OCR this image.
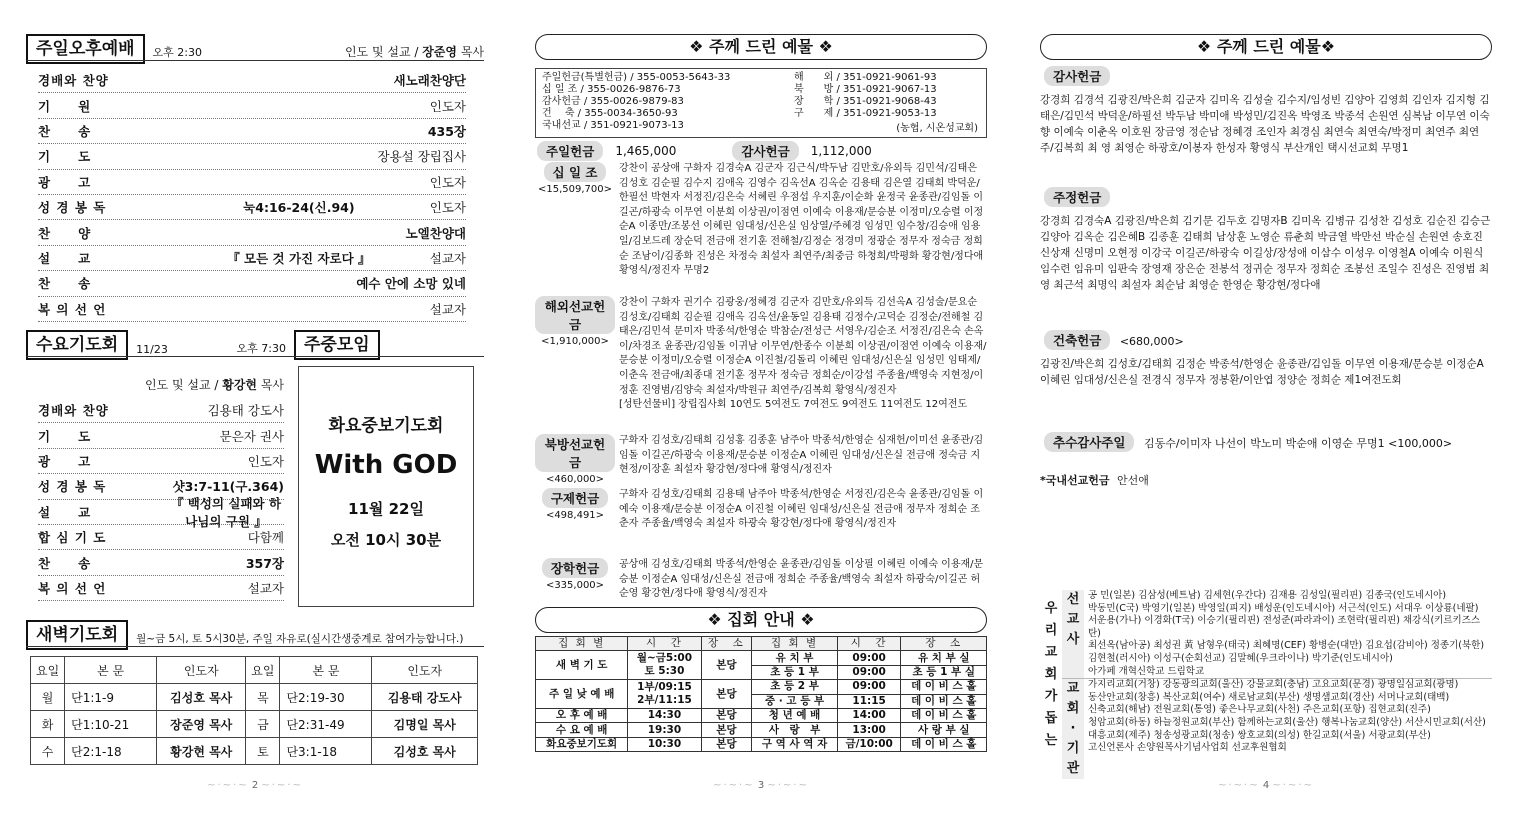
주일오후예배	오후 2:30	인도 및 설교 / 장준영 목사
경배와 찬양	새노래찬양단
기　　원	인도자
찬　　송	435장
기　　도	장용설 장립집사
광　　고	인도자
성 경 봉 독	눅4:16-24(신.94)	인도자
찬　　양	노엘찬양대
설　　교	『 모든 것 가진 자로다 』	설교자
찬　　송	예수 안에 소망 있네
복 의 선 언	설교자
수요기도회	11/23	오후 7:30	주중모임
인도 및 설교 / 황강현 목사
경배와 찬양	김용태 강도사
기　　도	문은자 권사
광　　고	인도자
성 경 봉 독	샷3:7-11(구.364)
설　　교
『 백성의 실패와 하나님의 구원 』
합 심 기 도	다함께
찬　　송	357장
복 의 선 언	설교자
화요중보기도회
With GOD
11월 22일
오전 10시 30분
새벽기도회	월~금 5시, 토 5시30분, 주일 자유로(실시간생중계로 참여가능합니다.)
요일	본 문	인도자	요일	본 문	인도자
월	단1:1-9	김성호 목사	목	단2:19-30	김용태 강도사
화	단1:10-21	장준영 목사	금	단2:31-49	김명일 목사
수	단2:1-18	황강현 목사	토	단3:1-18	김성호 목사
~·~·~ 2 ~·~·~
❖ 주께 드린 예물 ❖
주일헌금(특별헌금) / 355-0053-5643-33
십 일 조 / 355-0026-9876-73
감사헌금 / 355-0026-9879-83
건　 축 / 355-0034-3650-93
국내선교 / 351-0921-9073-13
해　　외 / 351-0921-9061-93
북　　방 / 351-0921-9067-13
장　　학 / 351-0921-9068-43
구　　제 / 351-0921-9053-13
(농협, 시온성교회)
주일헌금	1,465,000	감사헌금	1,112,000
십 일 조
<15,509,700>
강찬이 공상애 구화자 김경숙A 김군자 김근식/박두남 김만호/유외득 김민석/김태은 김성호 김순필 김수지 김애옥 김영수 김옥선A 김옥순 김용태 김은열 김태희 박덕운/한필선 박현자 서정진/김은숙 서혜린 우점섭 우지훈/이순화 윤정국 윤종관/김임돌 이길곤/하광숙 이무연 이분희 이상권/이점연 이예숙 이용재/문승분 이정미/오승렬 이정순A 이종만/조봉선 이혜린 임대성/신은실 임상열/주혜경 임성민 임수창/김승애 임용일/김보드레 장순덕 전금애 전기훈 전해철/김정순 정경미 정광순 정무자 정숙금 정희순 조남이/김종화 진성은 차정숙 최설자 최연주/최중금 하청희/박평화 황강현/정다애 황영식/정진자 무명2
해외선교헌금
<1,910,000>
강찬이 구화자 권기수 김광웅/정혜경 김군자 김만호/유외득 김선옥A 김성술/문요순 김성호/김태희 김순필 김애옥 김옥선/윤동일 김용태 김정수/고덕순 김정순/전해철 김태은/김민석 문미자 박종석/한영순 박참순/전성근 서영우/김순조 서정진/김은숙 손옥이/차경조 윤종관/김임돌 이귀남 이무연/한종수 이분희 이상권/이점연 이예숙 이용재/문승분 이정미/오승렬 이정순A 이진철/김돌리 이혜린 임대성/신은실 임성민 임태제/이춘옥 전금애/최종대 전기훈 정무자 정숙금 정희순/이강섭 주종율/백영숙 지현정/이정훈 진영범/김양숙 최설자/박원규 최연주/김복희 황영식/정진자
[성탄선물비] 장립집사회 10연도 5여전도 7여전도 9여전도 11여전도 12여전도
북방선교헌금
<460,000>
구화자 김성호/김태희 김성홍 김종훈 남주아 박종석/한영순 심재헌/이미선 윤종관/김임돌 이길곤/하광숙 이용재/문승분 이정순A 이혜린 임대성/신은실 전금애 정숙금 지현정/이장훈 최설자 황강현/정다애 황영식/정진자
구제헌금
<498,491>
구화자 김성호/김태희 김용태 남주아 박종석/한영순 서정진/김은숙 윤종관/김임돌 이예숙 이용재/문승분 이정순A 이진철 이혜린 임대성/신은실 전금애 정무자 정희순 조춘자 주종율/백영숙 최설자 하광숙 황강현/정다애 황영식/정진자
장학헌금
<335,000>
공상애 김성호/김태희 박종석/한영순 윤종관/김임돌 이상필 이혜린 이예숙 이용재/문승분 이정순A 임대성/신은실 전금애 정희순 주종율/백영숙 최설자 하광숙/이길곤 허순영 황강현/정다애 황영식/정진자
❖ 집회 안내 ❖
집 회 별	시　간	장　소	집 회 별	시　간	장　소
새 벽 기 도	월~금5:00
토 5:30	본당	유 치 부	09:00	유 치 부 실
			초 등 1 부	09:00	초 등 1 부 실
주 일 낮 예 배	1부/09:15
2부/11:15	본당	초 등 2 부	09:00	데 이 비 스 홀
			중 · 고 등 부	11:15	데 이 비 스 홀
오 후 예 배	14:30	본당	청 년 예 배	14:00	데 이 비 스 홀
수 요 예 배	19:30	본당	사　랑　부	13:00	사 랑 부 실
화요중보기도회	10:30	본당	구 역 사 역 자	금/10:00	데 이 비 스 홀
~·~·~ 3 ~·~·~
❖ 주께 드린 예물❖
감사헌금
강경희 김경석 김광진/박은희 김군자 김미옥 김성술 김수지/임성빈 김양아 김영희 김인자 김지형 김태은/김민석 박덕운/하필선 박두남 박미애 박성민/김진옥 박영조 박종석 손원연 심복남 이무연 이숙향 이예숙 이춘옥 이호원 장금영 정순남 정혜경 조인자 최경심 최연숙 최연숙/박정미 최연주 최연주/김복희 최 영 최영순 하광호/이봉자 한성자 황영식 부산개인 택시선교회 무명1
주정헌금
강경희 김경숙A 김광진/박은희 김기문 김두호 김명자B 김미옥 김병규 김성찬 김성호 김순진 김승근 김양아 김옥순 김은혜B 김종훈 김태희 남상훈 노영순 류춘희 박금열 박만선 박순실 손원연 송호진 신상재 신명미 오현정 이강국 이길곤/하광숙 이길상/장성애 이삼수 이성우 이영철A 이예숙 이원식 임수련 임유미 임판숙 장영재 장은순 전봉석 정귀순 정무자 정희순 조봉선 조일수 진성은 진영범 최 영 최근석 최명익 최설자 최순남 최영순 한영순 황강현/정다애
건축헌금 <680,000>
김광진/박은희 김성호/김태희 김정순 박종석/한영순 윤종관/김임돌 이무연 이용재/문승분 이정순A 이혜린 임대성/신은실 전경식 정무자 정봉환/이안엽 정양순 정희순 제1여전도회
추수감사주일 김동수/이미자 나선이 박노미 박순애 이영순 무명1 <100,000>
*국내선교헌금 안선애
우
리
교
회
가
돕
는
선
교
사
공 민(일본) 김삼성(베트남) 김세현(우간다) 김재용 김성일(필리핀) 김종국(인도네시아)
박동민(C국) 박영기(일본) 박영일(피지) 배성운(인도네시아) 서근석(인도) 서대우 이상룡(네팔)
서운용(가나) 이경화(T국) 이승기(필리핀) 전성준(파라과이) 조현락(필리핀) 채강식(키르키즈스탄)
최선옥(남아공) 최성권 黃 남형우(태국) 최혜명(CEF) 황병순(대만) 김요섭(감비아) 정종기(북한)
김현철(러시아) 이성구(순회선교) 김말혜(우크라이나) 박기준(인도네시아)
아가페 개혁신학교 드림학교
교
회
·
기
관
가지리교회(거창) 강동광의교회(울산) 강물교회(충남) 고요교회(문경) 광명일심교회(광명)
동산안교회(창흥) 복산교회(여수) 새로남교회(부산) 생명샘교회(경산) 서머나교회(태백)
신축교회(해남) 전원교회(통영) 좋은나무교회(사천) 주은교회(포항) 집현교회(진주)
청암교회(하동) 하늘정원교회(부산) 함께하는교회(울산) 행복나눔교회(양산) 서산시민교회(서산)
대흥교회(제주) 청송성광교회(청송) 쌍호교회(의성) 한길교회(서울) 서광교회(부산)
고신언론사 손양원목사기념사업회 선교후원협회
~·~·~ 4 ~·~·~
